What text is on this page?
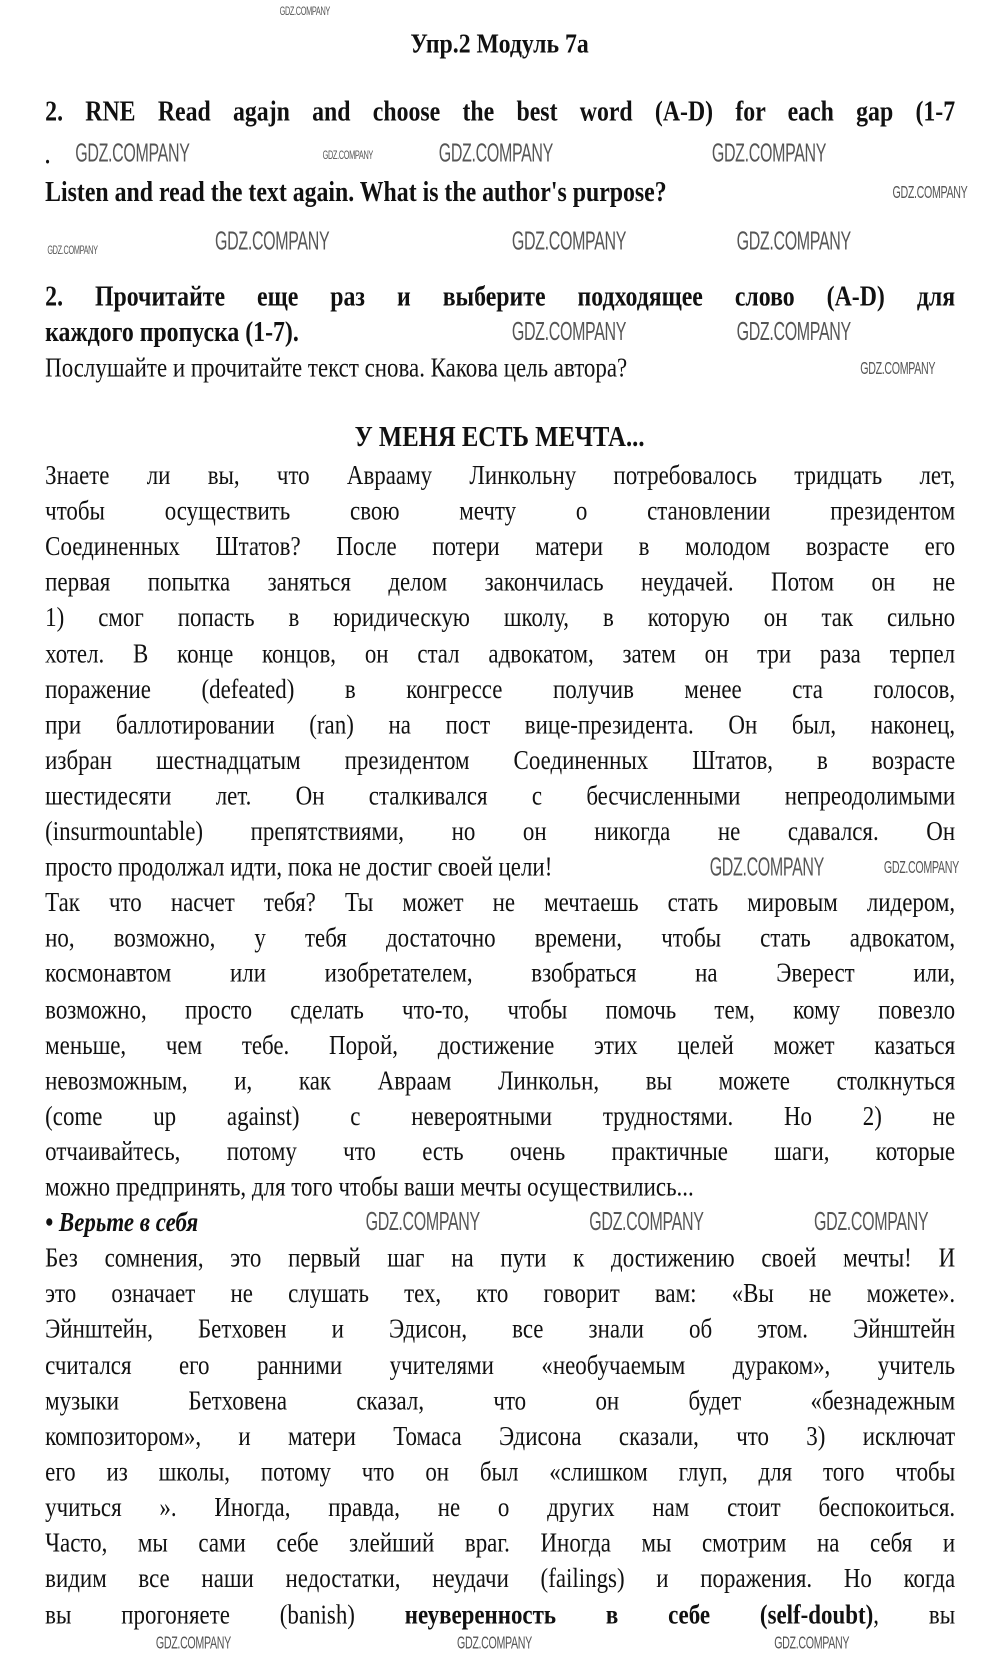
Упр.2 Модуль 7а
2. RNE Read agajn and choose the best word (A-D) for each gap (1-7
.
Listen and read the text again. What is the author's purpose?
2. Прочитайте еще раз и выберите подходящее слово (A-D) для
каждого пропуска (1-7).
Послушайте и прочитайте текст снова. Какова цель автора?
У МЕНЯ ЕСТЬ МЕЧТА...
Знаете ли вы, что Аврааму Линкольну потребовалось тридцать лет,
чтобы осуществить свою мечту о становлении президентом
Соединенных Штатов? После потери матери в молодом возрасте его
первая попытка заняться делом закончилась неудачей. Потом он не
1) смог попасть в юридическую школу, в которую он так сильно
хотел. В конце концов, он стал адвокатом, затем он три раза терпел
поражение (defeated) в конгрессе получив менее ста голосов,
при баллотировании (ran) на пост вице-президента. Он был, наконец,
избран шестнадцатым президентом Соединенных Штатов, в возрасте
шестидесяти лет. Он сталкивался с бесчисленными непреодолимыми
(insurmountable) препятствиями, но он никогда не сдавался. Он
просто продолжал идти, пока не достиг своей цели!
Так что насчет тебя? Ты может не мечтаешь стать мировым лидером,
но, возможно, у тебя достаточно времени, чтобы стать адвокатом,
космонавтом или изобретателем, взобраться на Эверест или,
возможно, просто сделать что-то, чтобы помочь тем, кому повезло
меньше, чем тебе. Порой, достижение этих целей может казаться
невозможным, и, как Авраам Линкольн, вы можете столкнуться
(come up against) с невероятными трудностями. Но 2) не
отчаивайтесь, потому что есть очень практичные шаги, которые
можно предпринять, для того чтобы ваши мечты осуществились...
• Верьте в себя
Без сомнения, это первый шаг на пути к достижению своей мечты! И
это означает не слушать тех, кто говорит вам: «Вы не можете».
Эйнштейн, Бетховен и Эдисон, все знали об этом. Эйнштейн
считался его ранними учителями «необучаемым дураком», учитель
музыки Бетховена сказал, что он будет «безнадежным
композитором», и матери Томаса Эдисона сказали, что 3) исключат
его из школы, потому что он был «слишком глуп, для того чтобы
учиться ». Иногда, правда, не о других нам стоит беспокоиться.
Часто, мы сами себе злейший враг. Иногда мы смотрим на себя и
видим все наши недостатки, неудачи (failings) и поражения. Но когда
вы прогоняете (banish) неуверенность в себе (self-doubt), вы
GDZ.COMPANY
GDZ.COMPANY	GDZ.COMPANY	GDZ.COMPANY	GDZ.COMPANY
GDZ.COMPANY	GDZ.COMPANY	GDZ.COMPANY	GDZ.COMPANY
GDZ.COMPANY
GDZ.COMPANY	GDZ.COMPANY
GDZ.COMPANY
GDZ.COMPANY	GDZ.COMPANY
GDZ.COMPANY	GDZ.COMPANY	GDZ.COMPANY
GDZ.COMPANY	GDZ.COMPANY	GDZ.COMPANY
